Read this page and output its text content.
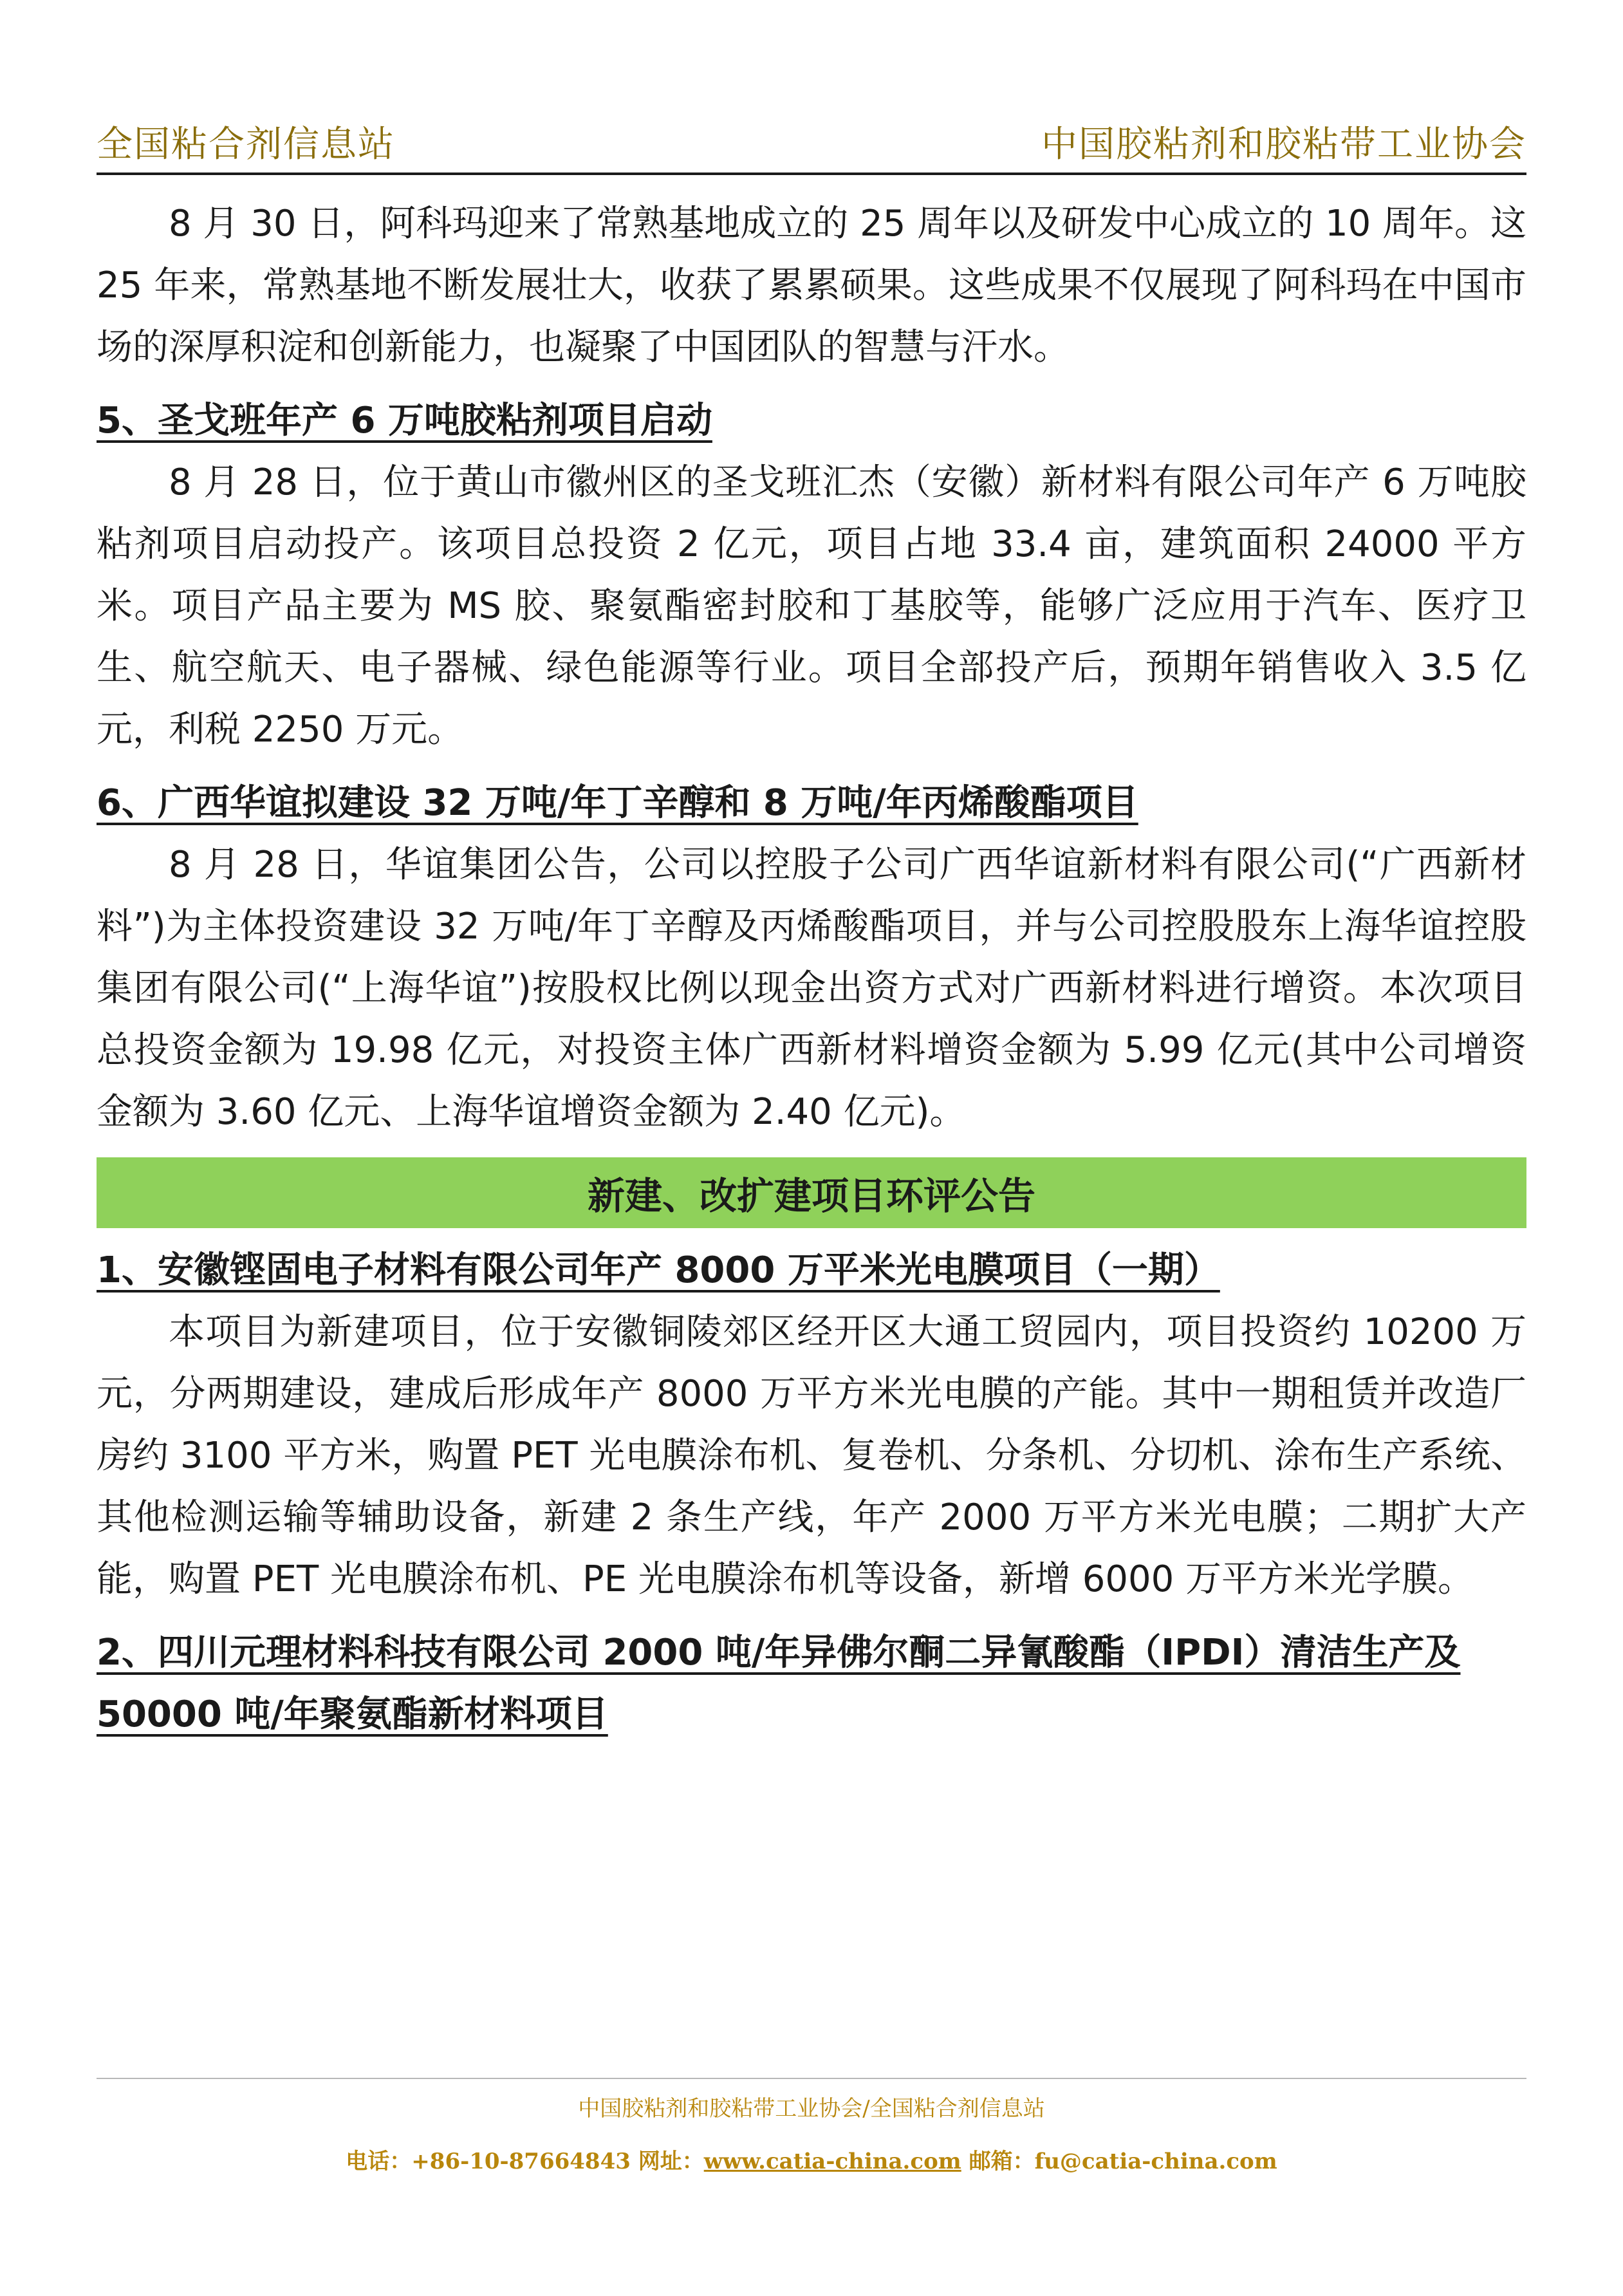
全国粘合剂信息站	中国胶粘剂和胶粘带工业协会

8 月 30 日，阿科玛迎来了常熟基地成立的 25 周年以及研发中心成立的 10 周年。这 25 年来，常熟基地不断发展壮大，收获了累累硕果。这些成果不仅展现了阿科玛在中国市场的深厚积淀和创新能力，也凝聚了中国团队的智慧与汗水。

5、圣戈班年产 6 万吨胶粘剂项目启动

8 月 28 日，位于黄山市徽州区的圣戈班汇杰（安徽）新材料有限公司年产 6 万吨胶粘剂项目启动投产。该项目总投资 2 亿元，项目占地 33.4 亩，建筑面积 24000 平方米。项目产品主要为 MS 胶、聚氨酯密封胶和丁基胶等，能够广泛应用于汽车、医疗卫生、航空航天、电子器械、绿色能源等行业。项目全部投产后，预期年销售收入 3.5 亿元，利税 2250 万元。

6、广西华谊拟建设 32 万吨/年丁辛醇和 8 万吨/年丙烯酸酯项目

8 月 28 日，华谊集团公告，公司以控股子公司广西华谊新材料有限公司(“广西新材料”)为主体投资建设 32 万吨/年丁辛醇及丙烯酸酯项目，并与公司控股股东上海华谊控股集团有限公司(“上海华谊”)按股权比例以现金出资方式对广西新材料进行增资。本次项目总投资金额为 19.98 亿元，对投资主体广西新材料增资金额为 5.99 亿元(其中公司增资金额为 3.60 亿元、上海华谊增资金额为 2.40 亿元)。

新建、改扩建项目环评公告
1、安徽铿固电子材料有限公司年产 8000 万平米光电膜项目（一期）

本项目为新建项目，位于安徽铜陵郊区经开区大通工贸园内，项目投资约 10200 万元，分两期建设，建成后形成年产 8000 万平方米光电膜的产能。其中一期租赁并改造厂房约 3100 平方米，购置 PET 光电膜涂布机、复卷机、分条机、分切机、涂布生产系统、其他检测运输等辅助设备，新建 2 条生产线，年产 2000 万平方米光电膜；二期扩大产能，购置 PET 光电膜涂布机、PE 光电膜涂布机等设备，新增 6000 万平方米光学膜。

2、四川元理材料科技有限公司 2000 吨/年异佛尔酮二异氰酸酯（IPDI）清洁生产及 50000 吨/年聚氨酯新材料项目
中国胶粘剂和胶粘带工业协会/全国粘合剂信息站
电话：+86-10-87664843 网址：www.catia-china.com 邮箱：fu@catia-china.com
